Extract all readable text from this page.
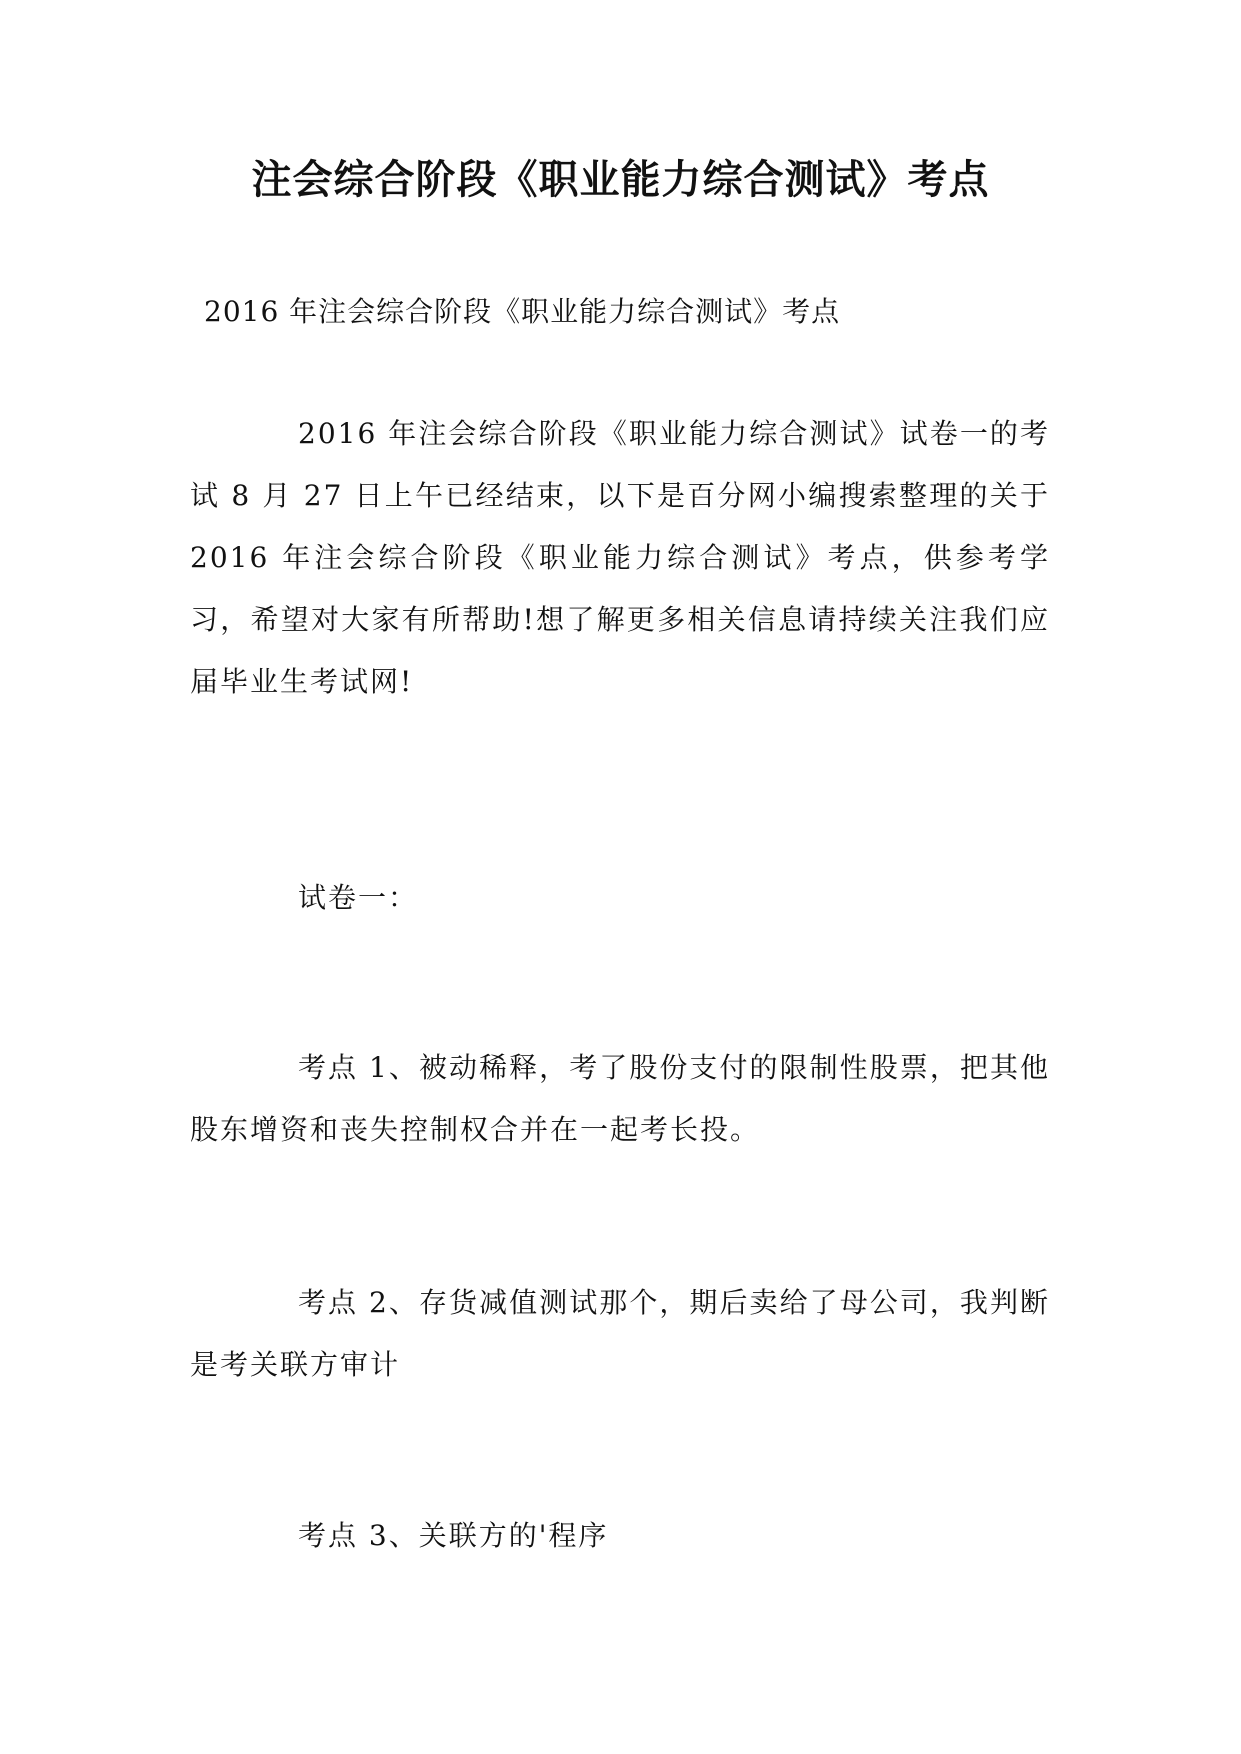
注会综合阶段《职业能力综合测试》考点

2016 年注会综合阶段《职业能力综合测试》考点

2016 年注会综合阶段《职业能力综合测试》试卷一的考试 8 月 27 日上午已经结束，以下是百分网小编搜索整理的关于 2016 年注会综合阶段《职业能力综合测试》考点，供参考学习，希望对大家有所帮助!想了解更多相关信息请持续关注我们应届毕业生考试网!

试卷一：

考点 1、被动稀释，考了股份支付的限制性股票，把其他股东增资和丧失控制权合并在一起考长投。

考点 2、存货减值测试那个，期后卖给了母公司，我判断是考关联方审计

考点 3、关联方的'程序
